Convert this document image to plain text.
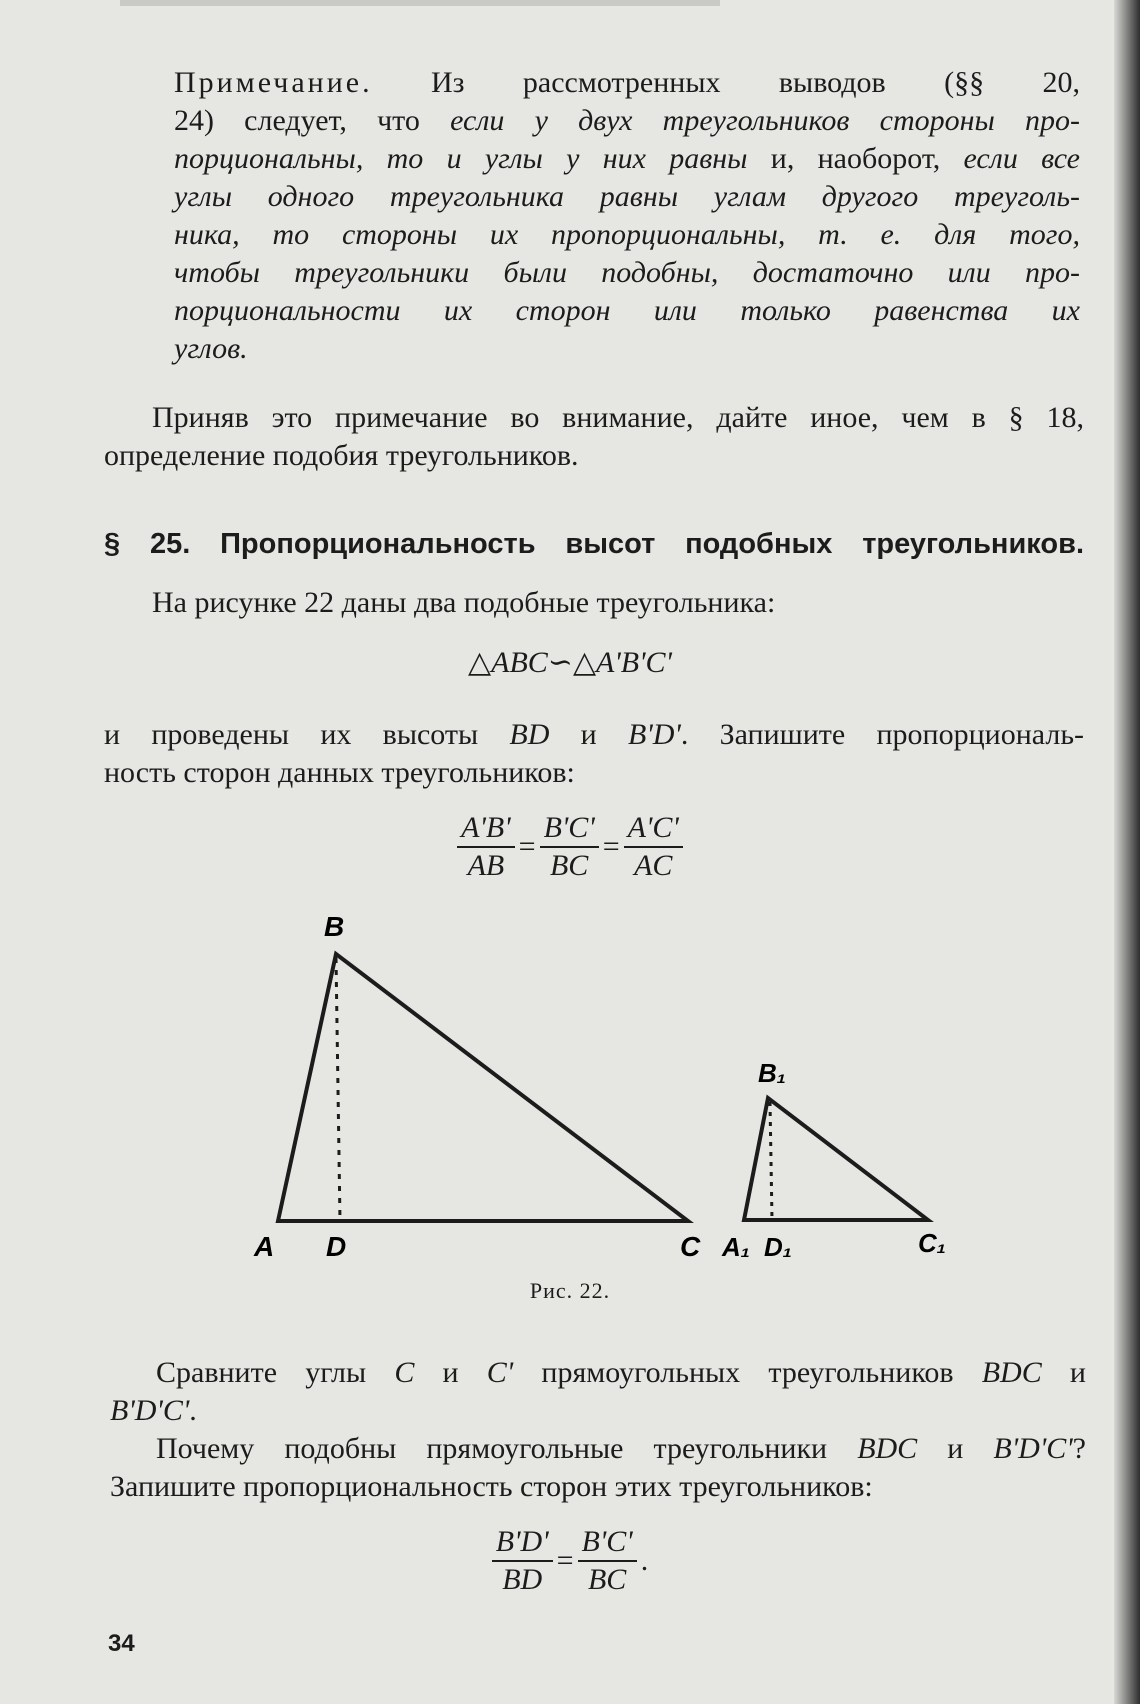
Примечание. Из рассмотренных выводов (§§ 20,
24) следует, что если у двух треугольников стороны про-
порциональны, то и углы у них равны и, наоборот, если все
углы одного треугольника равны углам другого треуголь-
ника, то стороны их пропорциональны, т. е. для того,
чтобы треугольники были подобны, достаточно или про-
порциональности их сторон или только равенства их
углов.
Приняв это примечание во внимание, дайте иное, чем в § 18,
определение подобия треугольников.
§ 25. Пропорциональность высот подобных треугольников.
На рисунке 22 даны два подобные треугольника:
△ABC∽△A'B'C'
и проведены их высоты BD и B'D'. Запишите пропорциональ-
ность сторон данных треугольников:
$\frac{A'B'}{AB} = \frac{B'C'}{BC} = \frac{A'C'}{AC}$
B
A D	C
B₁
A₁ D₁	C₁
Рис. 22.
Сравните углы C и C' прямоугольных треугольников BDC и
B'D'C'.
Почему подобны прямоугольные треугольники BDC и B'D'C'?
Запишите пропорциональность сторон этих треугольников:
$\frac{B'D'}{BD} = \frac{B'C'}{BC}$ .
34
